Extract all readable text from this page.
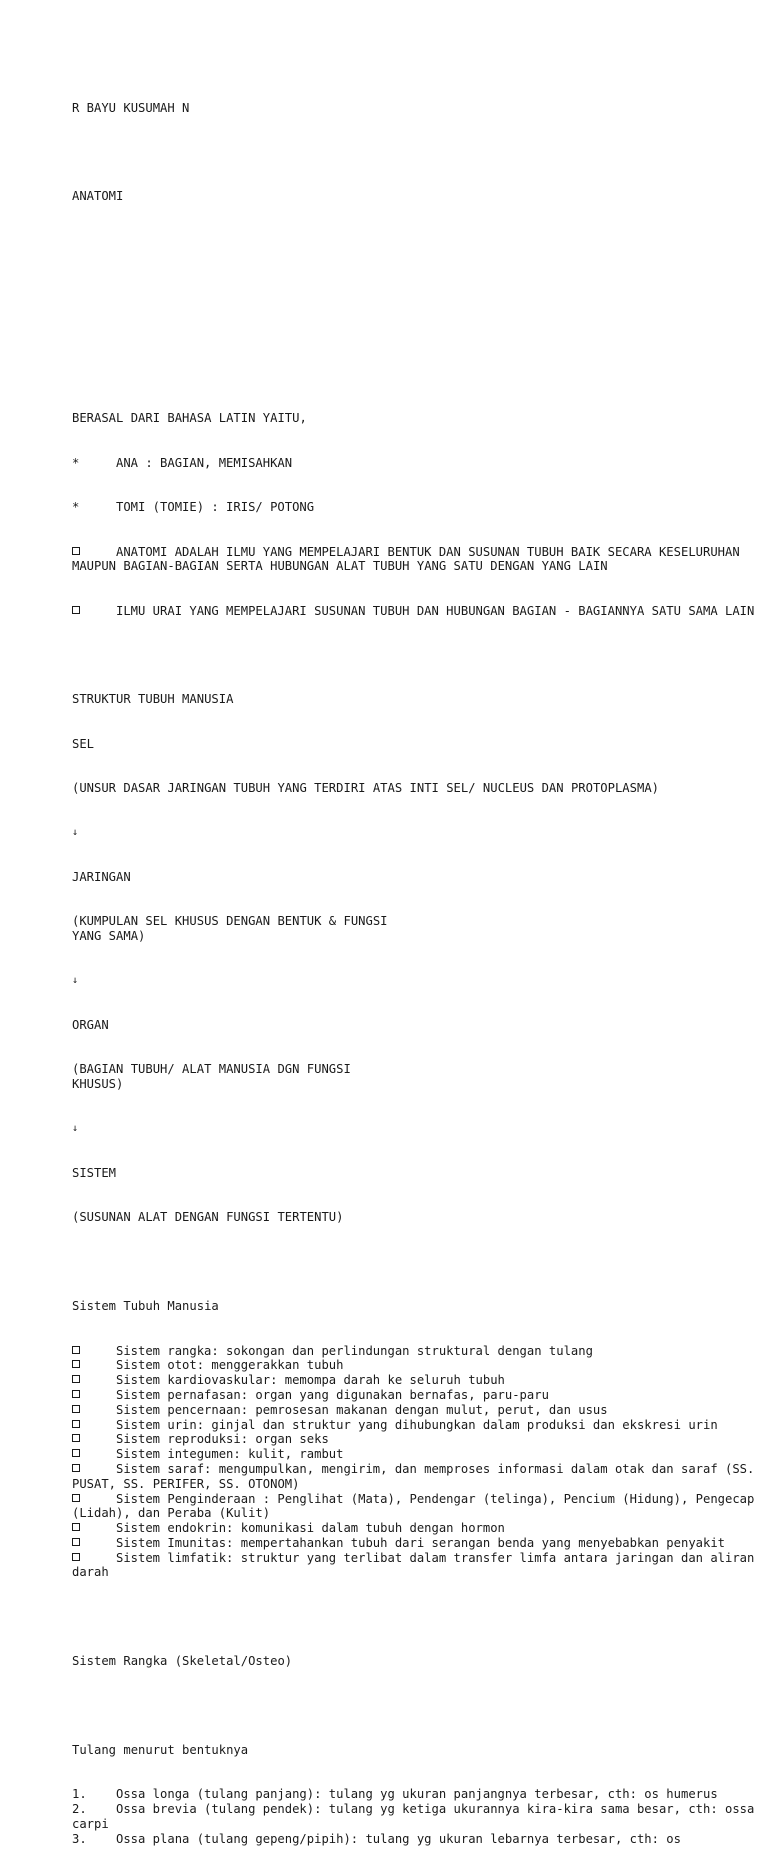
R BAYU KUSUMAH N

ANATOMI

BERASAL DARI BAHASA LATIN YAITU,

*	ANA : BAGIAN, MEMISAHKAN

*	TOMI (TOMIE) : IRIS/ POTONG

ANATOMI ADALAH ILMU YANG MEMPELAJARI BENTUK DAN SUSUNAN TUBUH BAIK SECARA KESELURUHAN MAUPUN BAGIAN-BAGIAN SERTA HUBUNGAN ALAT TUBUH YANG SATU DENGAN YANG LAIN

ILMU URAI YANG MEMPELAJARI SUSUNAN TUBUH DAN HUBUNGAN BAGIAN - BAGIANNYA SATU SAMA LAIN

STRUKTUR TUBUH MANUSIA

SEL

(UNSUR DASAR JARINGAN TUBUH YANG TERDIRI ATAS INTI SEL/ NUCLEUS DAN PROTOPLASMA)

↓

JARINGAN

(KUMPULAN SEL KHUSUS DENGAN BENTUK & FUNGSI YANG SAMA)

↓

ORGAN

(BAGIAN TUBUH/ ALAT MANUSIA DGN FUNGSI KHUSUS)

↓

SISTEM

(SUSUNAN ALAT DENGAN FUNGSI TERTENTU)

Sistem Tubuh Manusia

Sistem rangka: sokongan dan perlindungan struktural dengan tulang
Sistem otot: menggerakkan tubuh
Sistem kardiovaskular: memompa darah ke seluruh tubuh
Sistem pernafasan: organ yang digunakan bernafas, paru-paru
Sistem pencernaan: pemrosesan makanan dengan mulut, perut, dan usus
Sistem urin: ginjal dan struktur yang dihubungkan dalam produksi dan ekskresi urin
Sistem reproduksi: organ seks
Sistem integumen: kulit, rambut
Sistem saraf: mengumpulkan, mengirim, dan memproses informasi dalam otak dan saraf (SS. PUSAT, SS. PERIFER, SS. OTONOM)
Sistem Penginderaan : Penglihat (Mata), Pendengar (telinga), Pencium (Hidung), Pengecap (Lidah), dan Peraba (Kulit)
Sistem endokrin: komunikasi dalam tubuh dengan hormon
Sistem Imunitas: mempertahankan tubuh dari serangan benda yang menyebabkan penyakit
Sistem limfatik: struktur yang terlibat dalam transfer limfa antara jaringan dan aliran darah

Sistem Rangka (Skeletal/Osteo)

Tulang menurut bentuknya

1. Ossa longa (tulang panjang): tulang yg ukuran panjangnya terbesar, cth: os humerus
2. Ossa brevia (tulang pendek): tulang yg ketiga ukurannya kira-kira sama besar, cth: ossa carpi
3. Ossa plana (tulang gepeng/pipih): tulang yg ukuran lebarnya terbesar, cth: os
